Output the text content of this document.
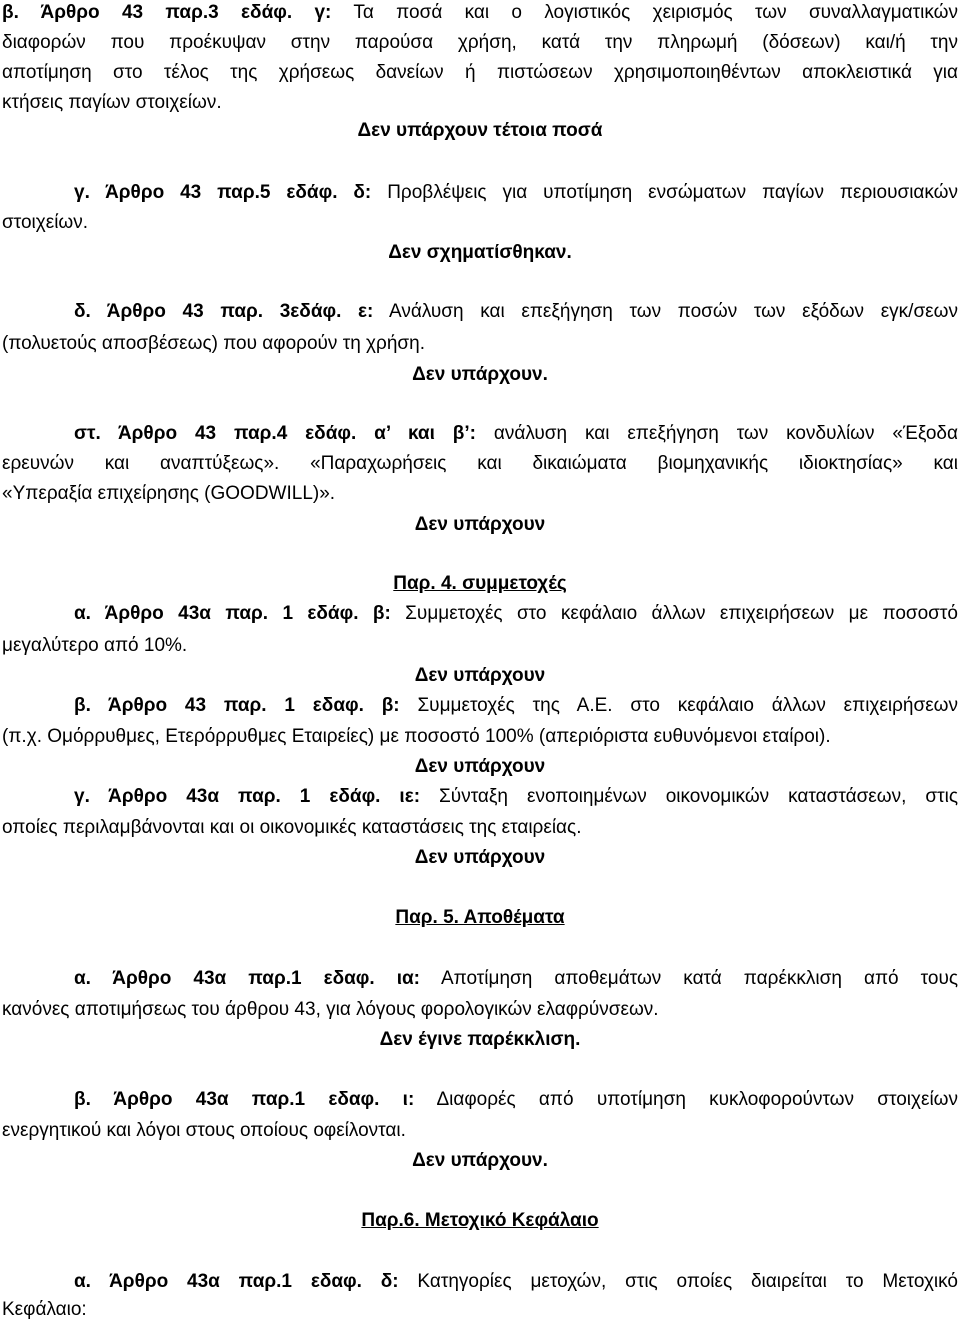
β. Άρθρο 43 παρ.3 εδάφ. γ: Τα ποσά και ο λογιστικός χειρισμός των συναλλαγματικών
διαφορών που προέκυψαν στην παρούσα χρήση, κατά την πληρωμή (δόσεων) και/ή την
αποτίμηση στο τέλος της χρήσεως δανείων ή πιστώσεων χρησιμοποιηθέντων αποκλειστικά για
κτήσεις παγίων στοιχείων.
Δεν υπάρχουν τέτοια ποσά
γ. Άρθρο 43 παρ.5 εδάφ. δ: Προβλέψεις για υποτίμηση ενσώματων παγίων περιουσιακών
στοιχείων.
Δεν σχηματίσθηκαν.
δ. Άρθρο 43 παρ. 3εδάφ. ε: Ανάλυση και επεξήγηση των ποσών των εξόδων εγκ/σεων
(πολυετούς αποσβέσεως) που αφορούν τη χρήση.
Δεν υπάρχουν.
στ. Άρθρο 43 παρ.4 εδάφ. α’ και β’: ανάλυση και επεξήγηση των κονδυλίων «Έξοδα
ερευνών και αναπτύξεως». «Παραχωρήσεις και δικαιώματα βιομηχανικής ιδιοκτησίας» και
«Υπεραξία επιχείρησης (GOODWILL)».
Δεν υπάρχουν
Παρ. 4. συμμετοχές
α. Άρθρο 43α παρ. 1 εδάφ. β: Συμμετοχές στο κεφάλαιο άλλων επιχειρήσεων με ποσοστό
μεγαλύτερο από 10%.
Δεν υπάρχουν
β. Άρθρο 43 παρ. 1 εδαφ. β: Συμμετοχές της Α.Ε. στο κεφάλαιο άλλων επιχειρήσεων
(π.χ. Ομόρρυθμες, Ετερόρρυθμες Εταιρείες) με ποσοστό 100% (απεριόριστα ευθυνόμενοι εταίροι).
Δεν υπάρχουν
γ. Άρθρο 43α παρ. 1 εδάφ. ιε: Σύνταξη ενοποιημένων οικονομικών καταστάσεων, στις
οποίες περιλαμβάνονται και οι οικονομικές καταστάσεις της εταιρείας.
Δεν υπάρχουν
Παρ. 5. Αποθέματα
α. Άρθρο 43α παρ.1 εδαφ. ια: Αποτίμηση αποθεμάτων κατά παρέκκλιση από τους
κανόνες αποτιμήσεως του άρθρου 43, για λόγους φορολογικών ελαφρύνσεων.
Δεν έγινε παρέκκλιση.
β. Άρθρο 43α παρ.1 εδαφ. ι: Διαφορές από υποτίμηση κυκλοφορούντων στοιχείων
ενεργητικού και λόγοι στους οποίους οφείλονται.
Δεν υπάρχουν.
Παρ.6. Μετοχικό Κεφάλαιο
α. Άρθρο 43α παρ.1 εδαφ. δ: Κατηγορίες μετοχών, στις οποίες διαιρείται το Μετοχικό
Κεφάλαιο:
